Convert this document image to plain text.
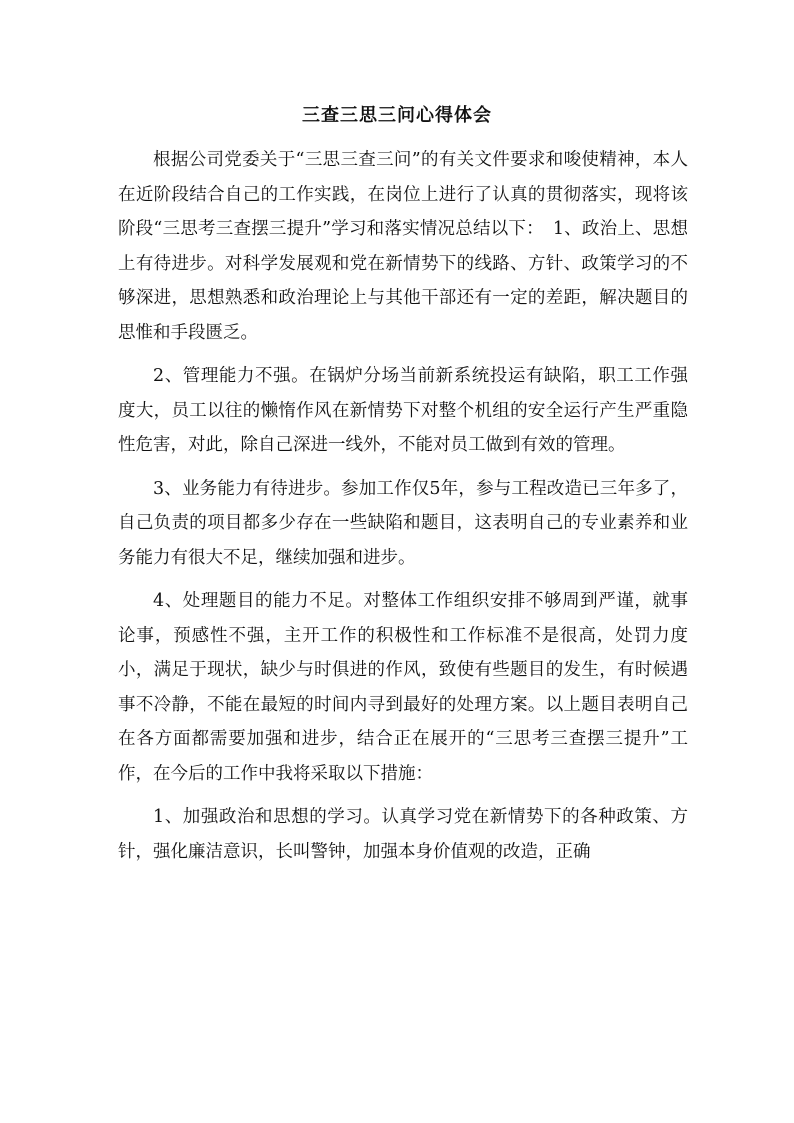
三查三思三问心得体会

根据公司党委关于“三思三查三问”的有关文件要求和唆使精神，本人在近阶段结合自己的工作实践，在岗位上进行了认真的贯彻落实，现将该阶段“三思考三查摆三提升”学习和落实情况总结以下：　1、政治上、思想上有待进步。对科学发展观和党在新情势下的线路、方针、政策学习的不够深进，思想熟悉和政治理论上与其他干部还有一定的差距，解决题目的思惟和手段匮乏。

2、管理能力不强。在锅炉分场当前新系统投运有缺陷，职工工作强度大，员工以往的懒惰作风在新情势下对整个机组的安全运行产生严重隐性危害，对此，除自己深进一线外，不能对员工做到有效的管理。

3、业务能力有待进步。参加工作仅5年，参与工程改造已三年多了，自己负责的项目都多少存在一些缺陷和题目，这表明自己的专业素养和业务能力有很大不足，继续加强和进步。

4、处理题目的能力不足。对整体工作组织安排不够周到严谨，就事论事，预感性不强，主开工作的积极性和工作标准不是很高，处罚力度小，满足于现状，缺少与时俱进的作风，致使有些题目的发生，有时候遇事不冷静，不能在最短的时间内寻到最好的处理方案。以上题目表明自己在各方面都需要加强和进步，结合正在展开的“三思考三查摆三提升”工作，在今后的工作中我将采取以下措施：

1、加强政治和思想的学习。认真学习党在新情势下的各种政策、方针，强化廉洁意识，长叫警钟，加强本身价值观的改造，正确
